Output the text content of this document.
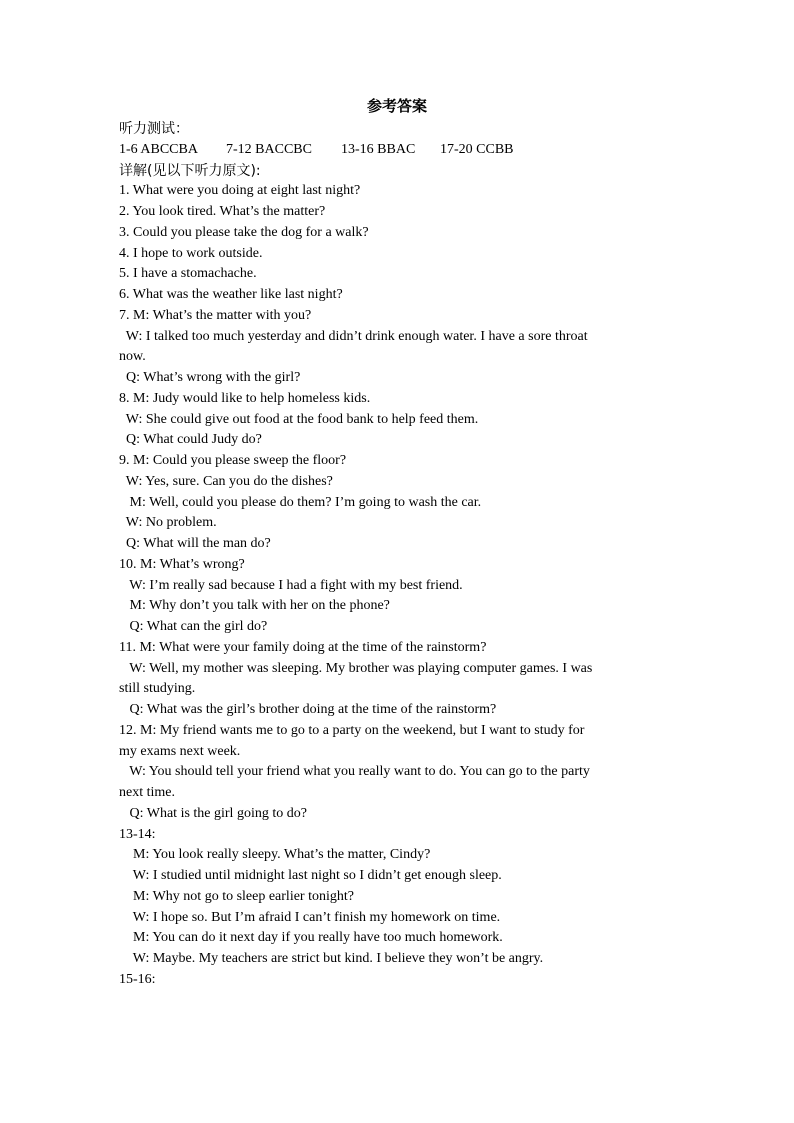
参考答案
听力测试：
1-6 ABCCBA 7-12 BACCBC 13-16 BBAC 17-20 CCBB
详解(见以下听力原文):
1. What were you doing at eight last night?
2. You look tired. What’s the matter?
3. Could you please take the dog for a walk?
4. I hope to work outside.
5. I have a stomachache.
6. What was the weather like last night?
7. M: What’s the matter with you?
W: I talked too much yesterday and didn’t drink enough water. I have a sore throat
now.
Q: What’s wrong with the girl?
8. M: Judy would like to help homeless kids.
W: She could give out food at the food bank to help feed them.
Q: What could Judy do?
9. M: Could you please sweep the floor?
W: Yes, sure. Can you do the dishes?
M: Well, could you please do them? I’m going to wash the car.
W: No problem.
Q: What will the man do?
10. M: What’s wrong?
W: I’m really sad because I had a fight with my best friend.
M: Why don’t you talk with her on the phone?
Q: What can the girl do?
11. M: What were your family doing at the time of the rainstorm?
W: Well, my mother was sleeping. My brother was playing computer games. I was
still studying.
Q: What was the girl’s brother doing at the time of the rainstorm?
12. M: My friend wants me to go to a party on the weekend, but I want to study for
my exams next week.
W: You should tell your friend what you really want to do. You can go to the party
next time.
Q: What is the girl going to do?
13-14:
M: You look really sleepy. What’s the matter, Cindy?
W: I studied until midnight last night so I didn’t get enough sleep.
M: Why not go to sleep earlier tonight?
W: I hope so. But I’m afraid I can’t finish my homework on time.
M: You can do it next day if you really have too much homework.
W: Maybe. My teachers are strict but kind. I believe they won’t be angry.
15-16:
